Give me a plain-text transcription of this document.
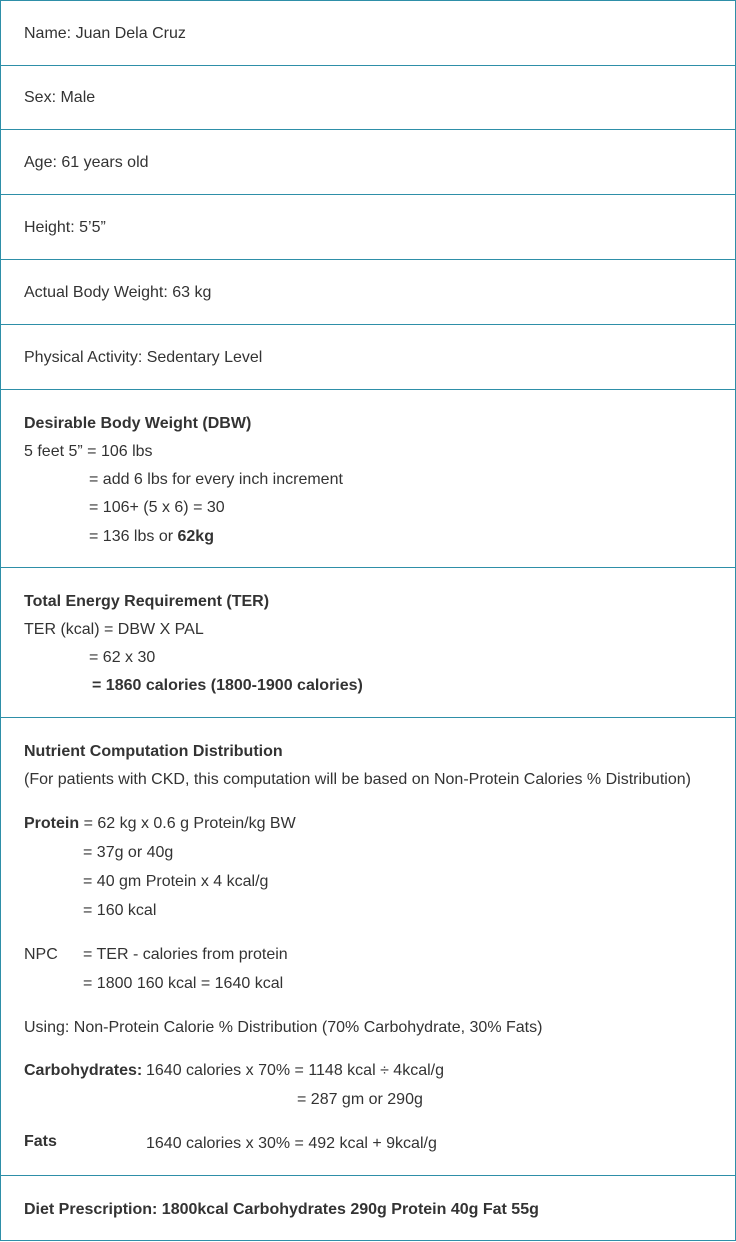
Name: Juan Dela Cruz
Sex: Male
Age: 61 years old
Height: 5’5”
Actual Body Weight: 63 kg
Physical Activity: Sedentary Level
Desirable Body Weight (DBW)
5 feet 5” = 106 lbs
= add 6 lbs for every inch increment
= 106+ (5 x 6) = 30
= 136 lbs or 62kg
Total Energy Requirement (TER)
TER (kcal) = DBW X PAL
= 62 x 30
= 1860 calories (1800-1900 calories)
Nutrient Computation Distribution
(For patients with CKD, this computation will be based on Non-Protein Calories % Distribution)
Protein = 62 kg x 0.6 g Protein/kg BW
= 37g or 40g
= 40 gm Protein x 4 kcal/g
= 160 kcal
NPC = TER - calories from protein
= 1800 160 kcal = 1640 kcal
Using: Non-Protein Calorie % Distribution (70% Carbohydrate, 30% Fats)
Carbohydrates: 1640 calories x 70% = 1148 kcal ÷ 4kcal/g
= 287 gm or 290g
Fats	1640 calories x 30% = 492 kcal + 9kcal/g
Diet Prescription: 1800kcal Carbohydrates 290g Protein 40g Fat 55g
